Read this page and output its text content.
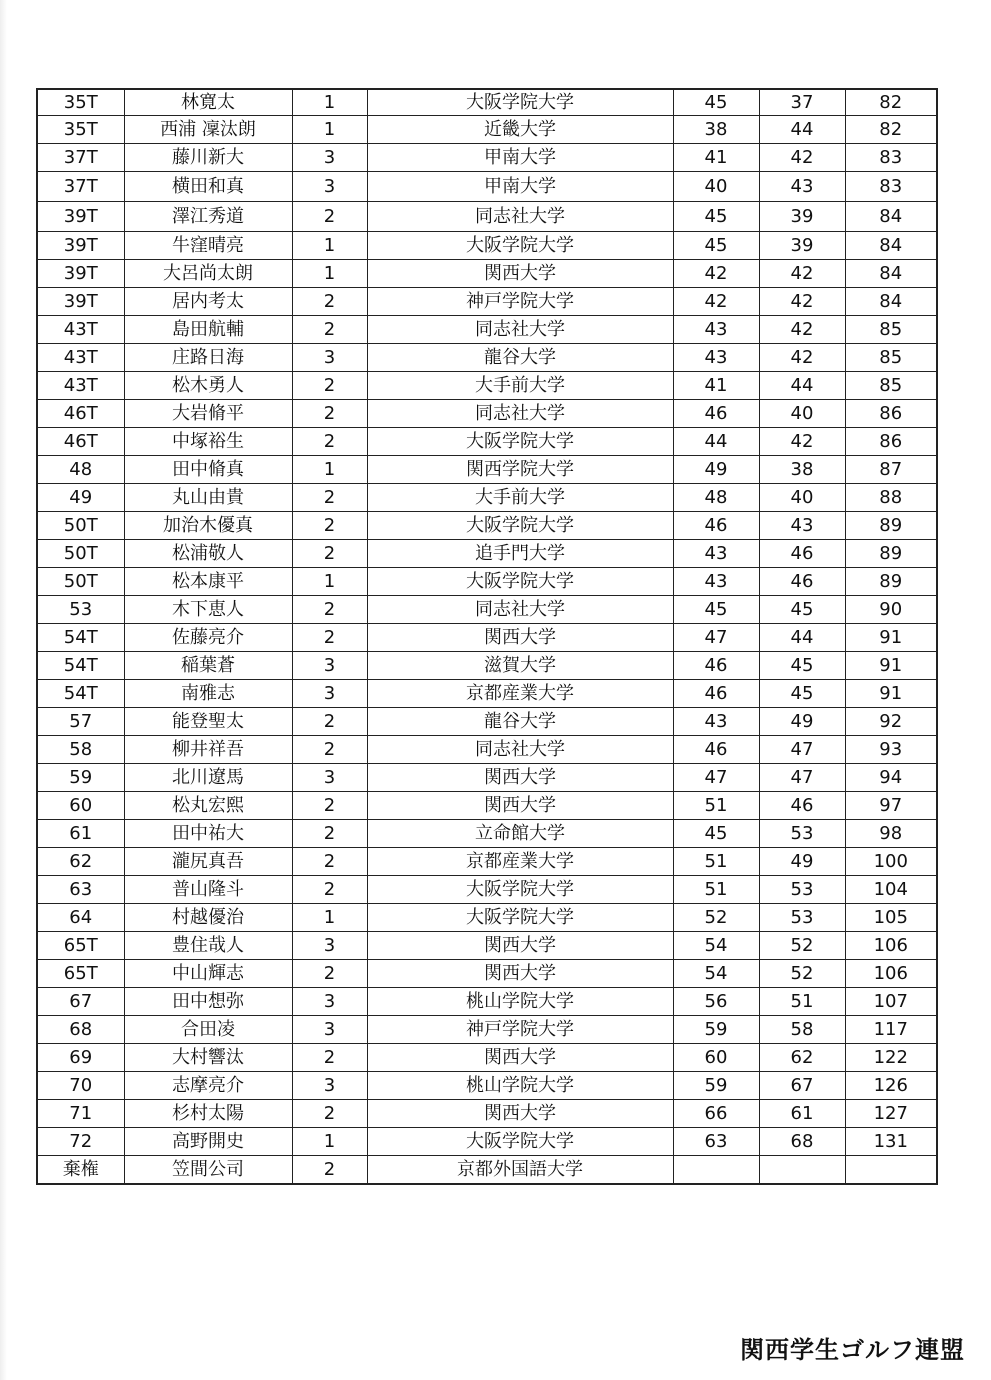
35T	林寛太	1	大阪学院大学	45	37	82
35T	西浦 凜汰朗	1	近畿大学	38	44	82
37T	藤川新大	3	甲南大学	41	42	83
37T	横田和真	3	甲南大学	40	43	83
39T	澤江秀道	2	同志社大学	45	39	84
39T	牛窪晴亮	1	大阪学院大学	45	39	84
39T	大呂尚太朗	1	関西大学	42	42	84
39T	居内考太	2	神戸学院大学	42	42	84
43T	島田航輔	2	同志社大学	43	42	85
43T	庄路日海	3	龍谷大学	43	42	85
43T	松木勇人	2	大手前大学	41	44	85
46T	大岩脩平	2	同志社大学	46	40	86
46T	中塚裕生	2	大阪学院大学	44	42	86
48	田中脩真	1	関西学院大学	49	38	87
49	丸山由貴	2	大手前大学	48	40	88
50T	加治木優真	2	大阪学院大学	46	43	89
50T	松浦敬人	2	追手門大学	43	46	89
50T	松本康平	1	大阪学院大学	43	46	89
53	木下恵人	2	同志社大学	45	45	90
54T	佐藤亮介	2	関西大学	47	44	91
54T	稲葉蒼	3	滋賀大学	46	45	91
54T	南雅志	3	京都産業大学	46	45	91
57	能登聖太	2	龍谷大学	43	49	92
58	柳井祥吾	2	同志社大学	46	47	93
59	北川遼馬	3	関西大学	47	47	94
60	松丸宏熙	2	関西大学	51	46	97
61	田中祐大	2	立命館大学	45	53	98
62	瀧尻真吾	2	京都産業大学	51	49	100
63	普山隆斗	2	大阪学院大学	51	53	104
64	村越優治	1	大阪学院大学	52	53	105
65T	豊住哉人	3	関西大学	54	52	106
65T	中山輝志	2	関西大学	54	52	106
67	田中想弥	3	桃山学院大学	56	51	107
68	合田凌	3	神戸学院大学	59	58	117
69	大村響汰	2	関西大学	60	62	122
70	志摩亮介	3	桃山学院大学	59	67	126
71	杉村太陽	2	関西大学	66	61	127
72	高野開史	1	大阪学院大学	63	68	131
棄権	笠間公司	2	京都外国語大学			
関西学生ゴルフ連盟
